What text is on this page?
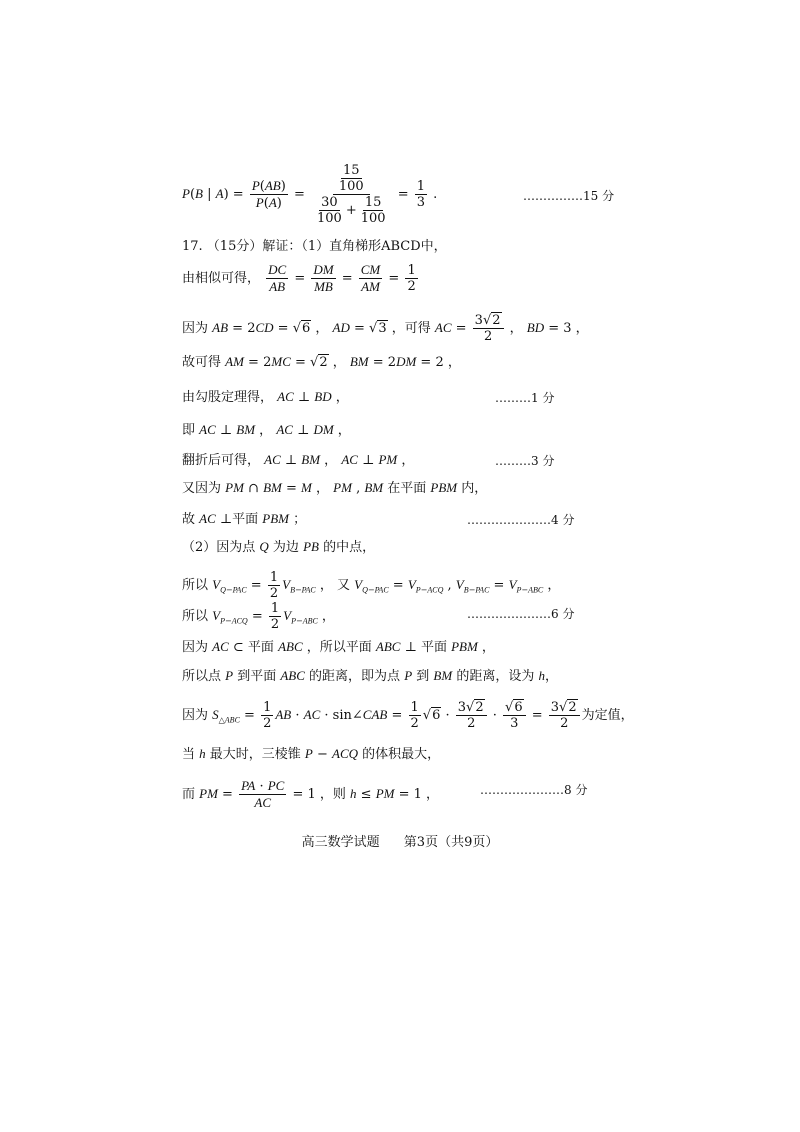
P(B | $A) = \frac{P(AB)}{P(A)} = \frac{\frac{15}{100}}{\frac{30}{100} + \frac{15}{100}} = \frac{1}{3}$ .	……………15 分
17. （15分）解证：（1）直角梯形ABCD中，
由相似可得， $\frac{DC}{AB} = \frac{DM}{MB} = \frac{CM}{AM} = \frac{1}{2}$
因为 AB = 2CD = √6 ， AD = √3 ，可得 AC = $\frac{3√2}{2}$ ， BD = 3 ，
故可得 AM = 2MC = √2 ， BM = 2DM = 2 ，
由勾股定理得， AC ⊥ BD ，	………1 分
即 AC ⊥ BM ， AC ⊥ DM ，
翻折后可得， AC ⊥ BM ， AC ⊥ PM ，	………3 分
又因为 PM ∩ BM = M ， PM , BM 在平面 PBM 内，
故 AC ⊥平面 PBM ；	…………………4 分
（2）因为点 Q 为边 PB 的中点，
所以 $V_{Q-PAC} = \frac{1}{2} V_{B-PAC}$ ， 又 $V_{Q-PAC} = V_{P-ACQ}$ , $V_{B-PAC} = V_{P-ABC}$ ，
所以 $V_{P-ACQ} = \frac{1}{2} V_{P-ABC}$ ，	…………………6 分
因为 AC ⊂ 平面 ABC ，所以平面 ABC ⊥ 平面 PBM ，
所以点 P 到平面 ABC 的距离，即为点 P 到 BM 的距离，设为 h，
因为 $S_{\triangle ABC} = \frac{1}{2}$ AB · AC · sin∠CAB = $\frac{1}{2} √6 \cdot \frac{3√2}{2} \cdot \frac{√6}{3} = \frac{3√2}{2}$ 为定值，
当 h 最大时，三棱锥 P − ACQ 的体积最大，
而 PM = $\frac{PA \cdot PC}{AC} = 1$ ，则 h ≤ PM = 1 ，	…………………8 分
高三数学试题 第3页（共9页）
